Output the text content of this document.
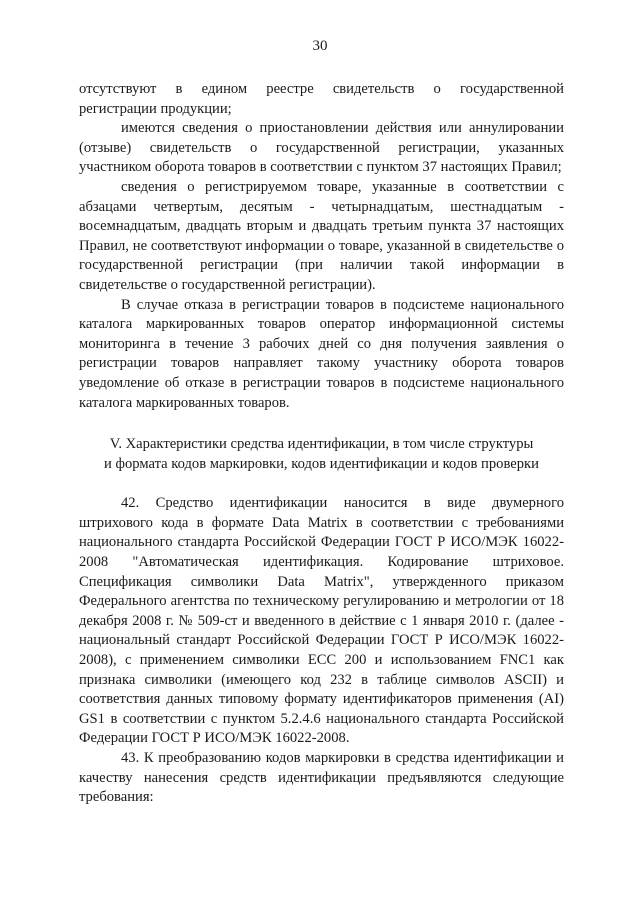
30
отсутствуют в едином реестре свидетельств о государственной

регистрации продукции;

имеются сведения о приостановлении действия или аннулировании (отзыве) свидетельств о государственной регистрации, указанных участником оборота товаров в соответствии с пунктом 37 настоящих Правил;

сведения о регистрируемом товаре, указанные в соответствии с абзацами четвертым, десятым - четырнадцатым, шестнадцатым - восемнадцатым, двадцать вторым и двадцать третьим пункта 37 настоящих Правил, не соответствуют информации о товаре, указанной в свидетельстве о государственной регистрации (при наличии такой информации в свидетельстве о государственной регистрации).

В случае отказа в регистрации товаров в подсистеме национального каталога маркированных товаров оператор информационной системы мониторинга в течение 3 рабочих дней со дня получения заявления о регистрации товаров направляет такому участнику оборота товаров уведомление об отказе в регистрации товаров в подсистеме национального каталога маркированных товаров.

V. Характеристики средства идентификации, в том числе структуры
и формата кодов маркировки, кодов идентификации и кодов проверки

42. Средство идентификации наносится в виде двумерного штрихового кода в формате Data Matrix в соответствии с требованиями национального стандарта Российской Федерации ГОСТ Р ИСО/МЭК 16022-2008 "Автоматическая идентификация. Кодирование штриховое. Спецификация символики Data Matrix", утвержденного приказом Федерального агентства по техническому регулированию и метрологии от 18 декабря 2008 г. № 509-ст и введенного в действие с 1 января 2010 г. (далее - национальный стандарт Российской Федерации ГОСТ Р ИСО/МЭК 16022-2008), с применением символики ЕСС 200 и использованием FNC1 как признака символики (имеющего код 232 в таблице символов ASCII) и соответствия данных типовому формату идентификаторов применения (AI) GS1 в соответствии с пунктом 5.2.4.6 национального стандарта Российской Федерации ГОСТ Р ИСО/МЭК 16022-2008.

43. К преобразованию кодов маркировки в средства идентификации и качеству нанесения средств идентификации предъявляются следующие требования:
